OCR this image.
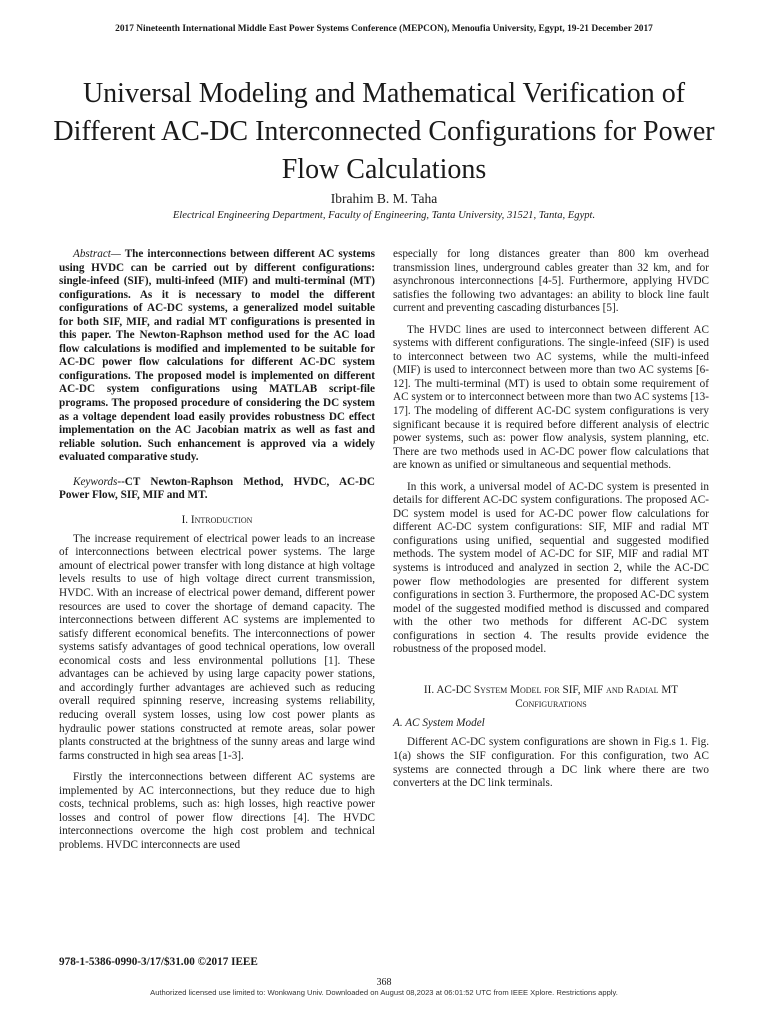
2017 Nineteenth International Middle East Power Systems Conference (MEPCON), Menoufia University, Egypt, 19-21 December 2017
Universal Modeling and Mathematical Verification of Different AC-DC Interconnected Configurations for Power Flow Calculations
Ibrahim B. M. Taha
Electrical Engineering Department, Faculty of Engineering, Tanta University, 31521, Tanta, Egypt.

Abstract— The interconnections between different AC systems using HVDC can be carried out by different configurations: single-infeed (SIF), multi-infeed (MIF) and multi-terminal (MT) configurations. As it is necessary to model the different configurations of AC-DC systems, a generalized model suitable for both SIF, MIF, and radial MT configurations is presented in this paper. The Newton-Raphson method used for the AC load flow calculations is modified and implemented to be suitable for AC-DC power flow calculations for different AC-DC system configurations. The proposed model is implemented on different AC-DC system configurations using MATLAB script-file programs. The proposed procedure of considering the DC system as a voltage dependent load easily provides robustness DC effect implementation on the AC Jacobian matrix as well as fast and reliable solution. Such enhancement is approved via a widely evaluated comparative study.

Keywords--CT Newton-Raphson Method, HVDC, AC-DC Power Flow, SIF, MIF and MT.

I. Introduction

The increase requirement of electrical power leads to an increase of interconnections between electrical power systems. The large amount of electrical power transfer with long distance at high voltage levels results to use of high voltage direct current transmission, HVDC. With an increase of electrical power demand, different power resources are used to cover the shortage of demand capacity. The interconnections between different AC systems are implemented to satisfy different economical benefits. The interconnections of power systems satisfy advantages of good technical operations, low overall economical costs and less environmental pollutions [1]. These advantages can be achieved by using large capacity power stations, and accordingly further advantages are achieved such as reducing overall required spinning reserve, increasing systems reliability, reducing overall system losses, using low cost power plants as hydraulic power stations constructed at remote areas, solar power plants constructed at the brightness of the sunny areas and large wind farms constructed in high sea areas [1-3].

Firstly the interconnections between different AC systems are implemented by AC interconnections, but they reduce due to high costs, technical problems, such as: high losses, high reactive power losses and control of power flow directions [4]. The HVDC interconnections overcome the high cost problem and technical problems. HVDC interconnects are used

especially for long distances greater than 800 km overhead transmission lines, underground cables greater than 32 km, and for asynchronous interconnections [4-5]. Furthermore, applying HVDC satisfies the following two advantages: an ability to block line fault current and preventing cascading disturbances [5].

The HVDC lines are used to interconnect between different AC systems with different configurations. The single-infeed (SIF) is used to interconnect between two AC systems, while the multi-infeed (MIF) is used to interconnect between more than two AC systems [6-12]. The multi-terminal (MT) is used to obtain some requirement of AC system or to interconnect between more than two AC systems [13-17]. The modeling of different AC-DC system configurations is very significant because it is required before different analysis of electric power systems, such as: power flow analysis, system planning, etc. There are two methods used in AC-DC power flow calculations that are known as unified or simultaneous and sequential methods.

In this work, a universal model of AC-DC system is presented in details for different AC-DC system configurations. The proposed AC-DC system model is used for AC-DC power flow calculations for different AC-DC system configurations: SIF, MIF and radial MT configurations using unified, sequential and suggested modified methods. The system model of AC-DC for SIF, MIF and radial MT systems is introduced and analyzed in section 2, while the AC-DC power flow methodologies are presented for different system configurations in section 3. Furthermore, the proposed AC-DC system model of the suggested modified method is discussed and compared with the other two methods for different AC-DC system configurations in section 4. The results provide evidence the robustness of the proposed model.

II. AC-DC System Model for SIF, MIF and Radial MT Configurations
A. AC System Model

Different AC-DC system configurations are shown in Fig.s 1. Fig. 1(a) shows the SIF configuration. For this configuration, two AC systems are connected through a DC link where there are two converters at the DC link terminals.

978-1-5386-0990-3/17/$31.00 ©2017 IEEE
368
Authorized licensed use limited to: Wonkwang Univ. Downloaded on August 08,2023 at 06:01:52 UTC from IEEE Xplore. Restrictions apply.
